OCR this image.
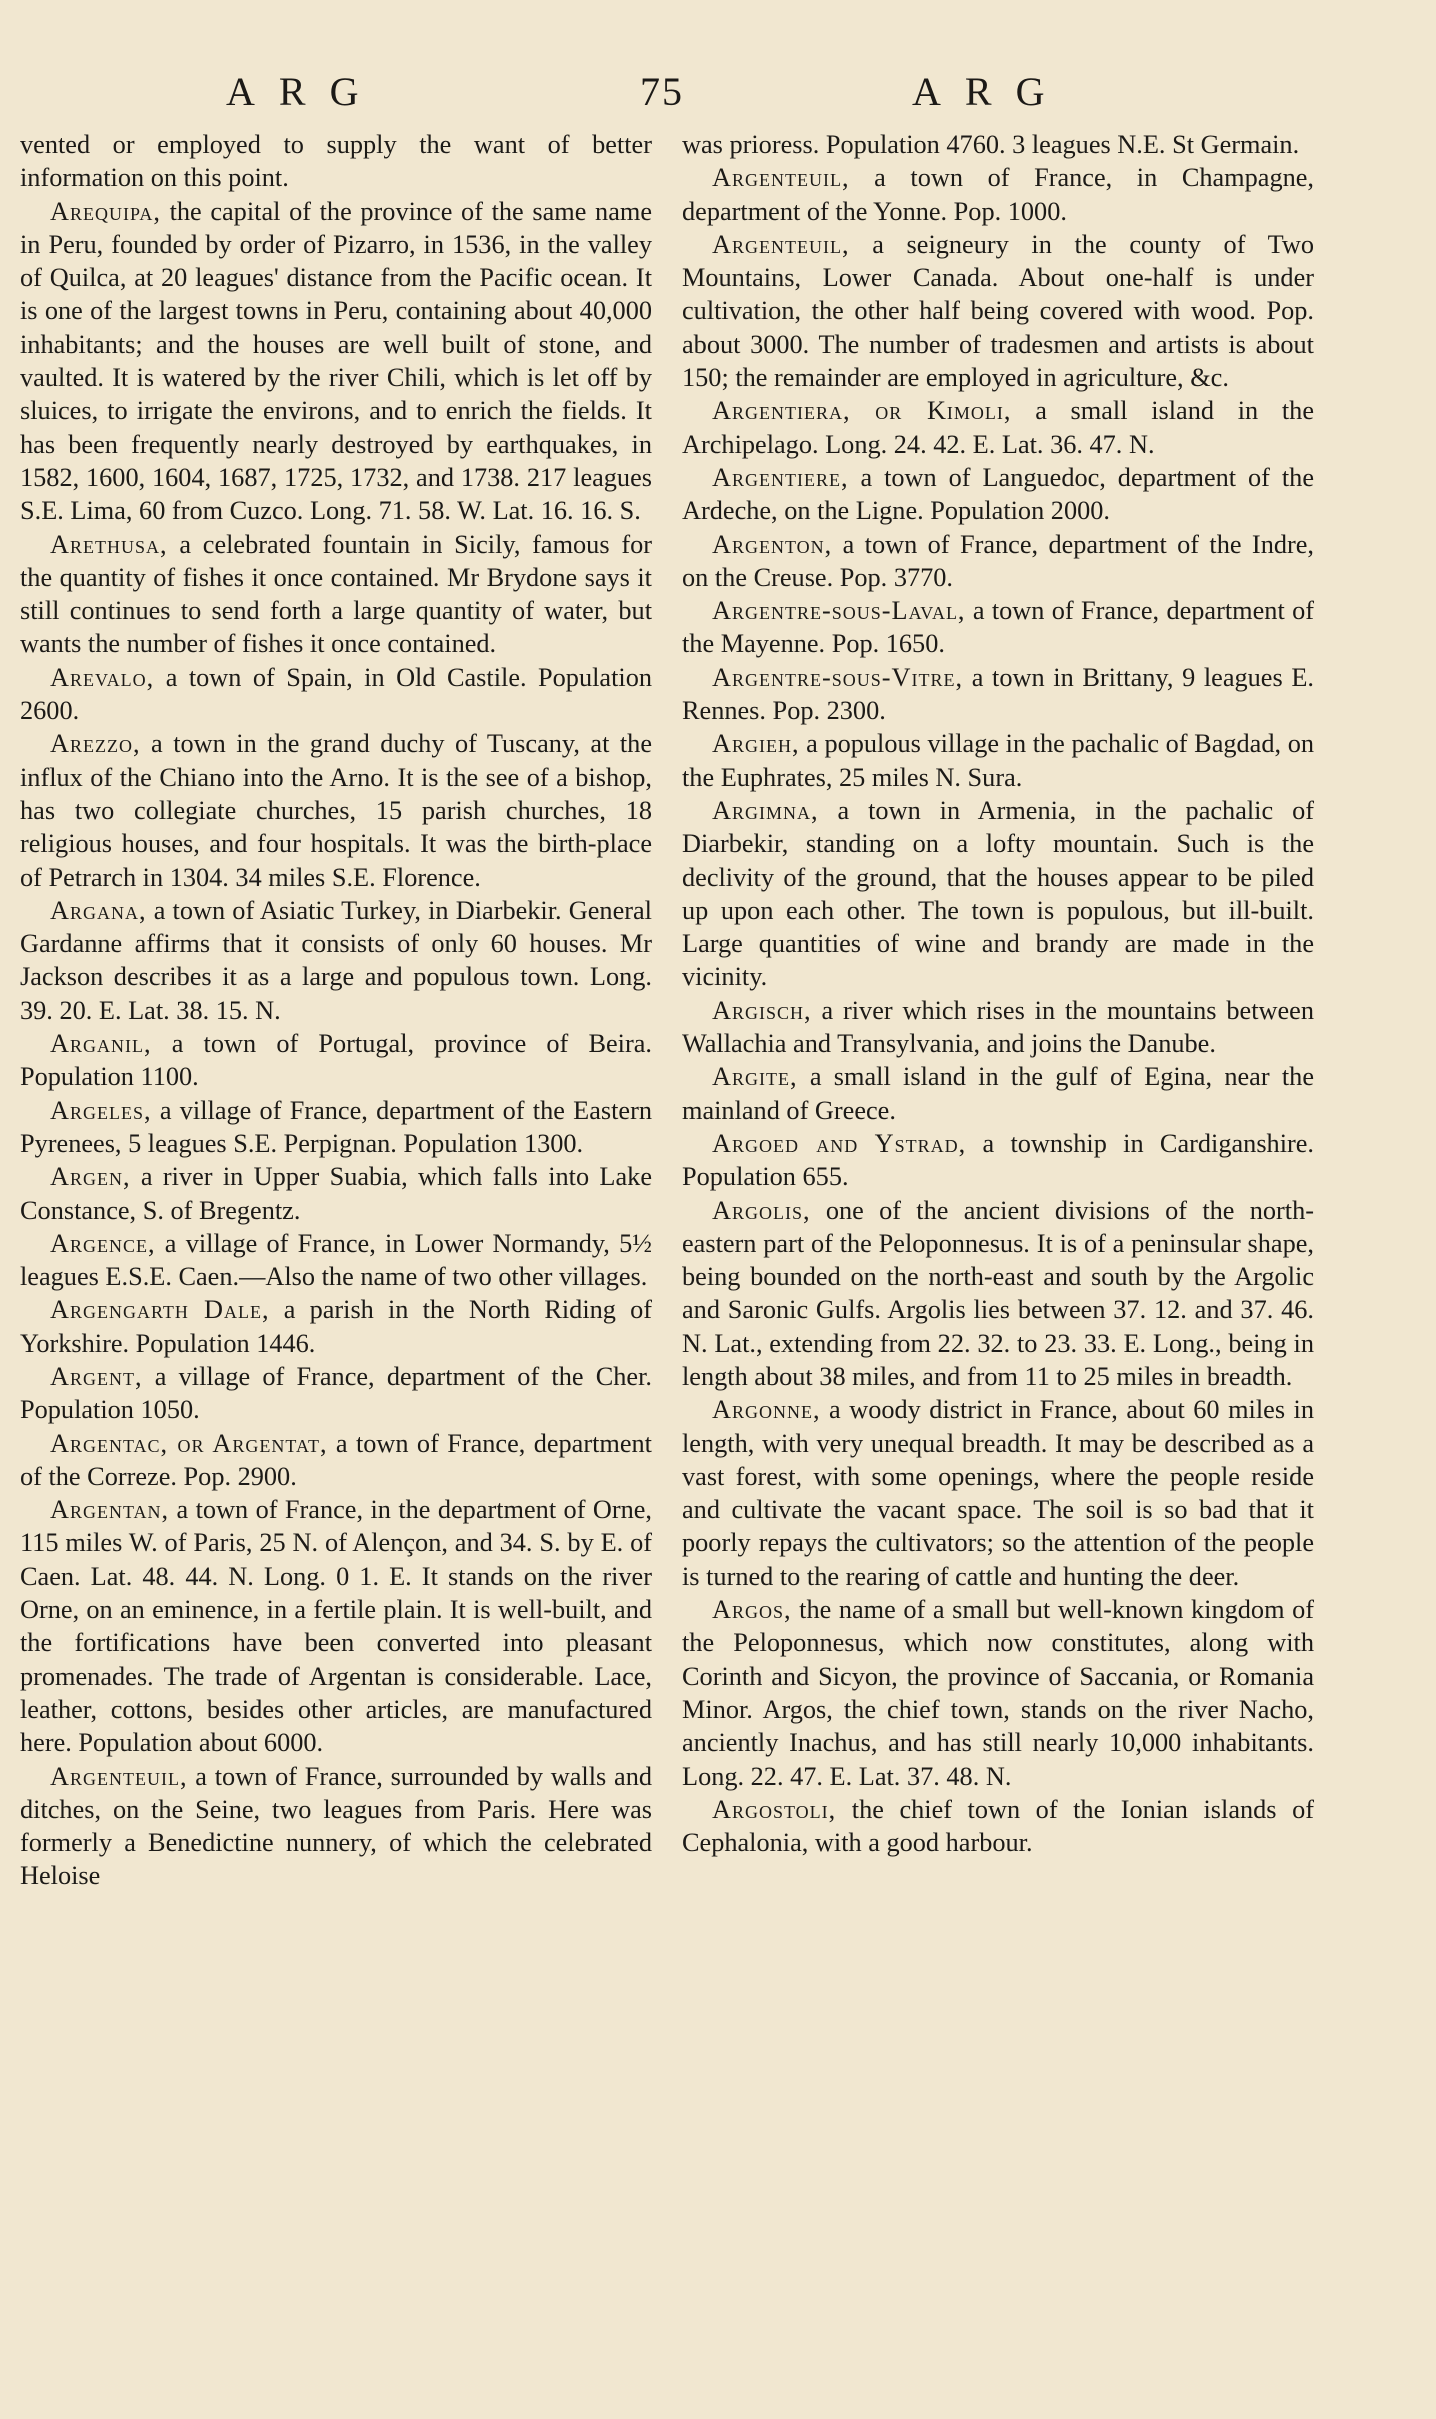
ARG	75	ARG

vented or employed to supply the want of better information on this point.

Arequipa, the capital of the province of the same name in Peru, founded by order of Pizarro, in 1536, in the valley of Quilca, at 20 leagues' distance from the Pacific ocean. It is one of the largest towns in Peru, containing about 40,000 inhabitants; and the houses are well built of stone, and vaulted. It is watered by the river Chili, which is let off by sluices, to irrigate the environs, and to enrich the fields. It has been frequently nearly destroyed by earthquakes, in 1582, 1600, 1604, 1687, 1725, 1732, and 1738. 217 leagues S.E. Lima, 60 from Cuzco. Long. 71. 58. W. Lat. 16. 16. S.

Arethusa, a celebrated fountain in Sicily, famous for the quantity of fishes it once contained. Mr Brydone says it still continues to send forth a large quantity of water, but wants the number of fishes it once contained.

Arevalo, a town of Spain, in Old Castile. Population 2600.

Arezzo, a town in the grand duchy of Tuscany, at the influx of the Chiano into the Arno. It is the see of a bishop, has two collegiate churches, 15 parish churches, 18 religious houses, and four hospitals. It was the birth-place of Petrarch in 1304. 34 miles S.E. Florence.

Argana, a town of Asiatic Turkey, in Diarbekir. General Gardanne affirms that it consists of only 60 houses. Mr Jackson describes it as a large and populous town. Long. 39. 20. E. Lat. 38. 15. N.

Arganil, a town of Portugal, province of Beira. Population 1100.

Argeles, a village of France, department of the Eastern Pyrenees, 5 leagues S.E. Perpignan. Population 1300.

Argen, a river in Upper Suabia, which falls into Lake Constance, S. of Bregentz.

Argence, a village of France, in Lower Normandy, 5½ leagues E.S.E. Caen.—Also the name of two other villages.

Argengarth Dale, a parish in the North Riding of Yorkshire. Population 1446.

Argent, a village of France, department of the Cher. Population 1050.

Argentac, or Argentat, a town of France, department of the Correze. Pop. 2900.

Argentan, a town of France, in the department of Orne, 115 miles W. of Paris, 25 N. of Alençon, and 34. S. by E. of Caen. Lat. 48. 44. N. Long. 0 1. E. It stands on the river Orne, on an eminence, in a fertile plain. It is well-built, and the fortifications have been converted into pleasant promenades. The trade of Argentan is considerable. Lace, leather, cottons, besides other articles, are manufactured here. Population about 6000.

Argenteuil, a town of France, surrounded by walls and ditches, on the Seine, two leagues from Paris. Here was formerly a Benedictine nunnery, of which the celebrated Heloise

was prioress. Population 4760. 3 leagues N.E. St Germain.

Argenteuil, a town of France, in Champagne, department of the Yonne. Pop. 1000.

Argenteuil, a seigneury in the county of Two Mountains, Lower Canada. About one-half is under cultivation, the other half being covered with wood. Pop. about 3000. The number of tradesmen and artists is about 150; the remainder are employed in agriculture, &c.

Argentiera, or Kimoli, a small island in the Archipelago. Long. 24. 42. E. Lat. 36. 47. N.

Argentiere, a town of Languedoc, department of the Ardeche, on the Ligne. Population 2000.

Argenton, a town of France, department of the Indre, on the Creuse. Pop. 3770.

Argentre-sous-Laval, a town of France, department of the Mayenne. Pop. 1650.

Argentre-sous-Vitre, a town in Brittany, 9 leagues E. Rennes. Pop. 2300.

Argieh, a populous village in the pachalic of Bagdad, on the Euphrates, 25 miles N. Sura.

Argimna, a town in Armenia, in the pachalic of Diarbekir, standing on a lofty mountain. Such is the declivity of the ground, that the houses appear to be piled up upon each other. The town is populous, but ill-built. Large quantities of wine and brandy are made in the vicinity.

Argisch, a river which rises in the mountains between Wallachia and Transylvania, and joins the Danube.

Argite, a small island in the gulf of Egina, near the mainland of Greece.

Argoed and Ystrad, a township in Cardiganshire. Population 655.

Argolis, one of the ancient divisions of the north-eastern part of the Peloponnesus. It is of a peninsular shape, being bounded on the north-east and south by the Argolic and Saronic Gulfs. Argolis lies between 37. 12. and 37. 46. N. Lat., extending from 22. 32. to 23. 33. E. Long., being in length about 38 miles, and from 11 to 25 miles in breadth.

Argonne, a woody district in France, about 60 miles in length, with very unequal breadth. It may be described as a vast forest, with some openings, where the people reside and cultivate the vacant space. The soil is so bad that it poorly repays the cultivators; so the attention of the people is turned to the rearing of cattle and hunting the deer.

Argos, the name of a small but well-known kingdom of the Peloponnesus, which now constitutes, along with Corinth and Sicyon, the province of Saccania, or Romania Minor. Argos, the chief town, stands on the river Nacho, anciently Inachus, and has still nearly 10,000 inhabitants. Long. 22. 47. E. Lat. 37. 48. N.

Argostoli, the chief town of the Ionian islands of Cephalonia, with a good harbour.
